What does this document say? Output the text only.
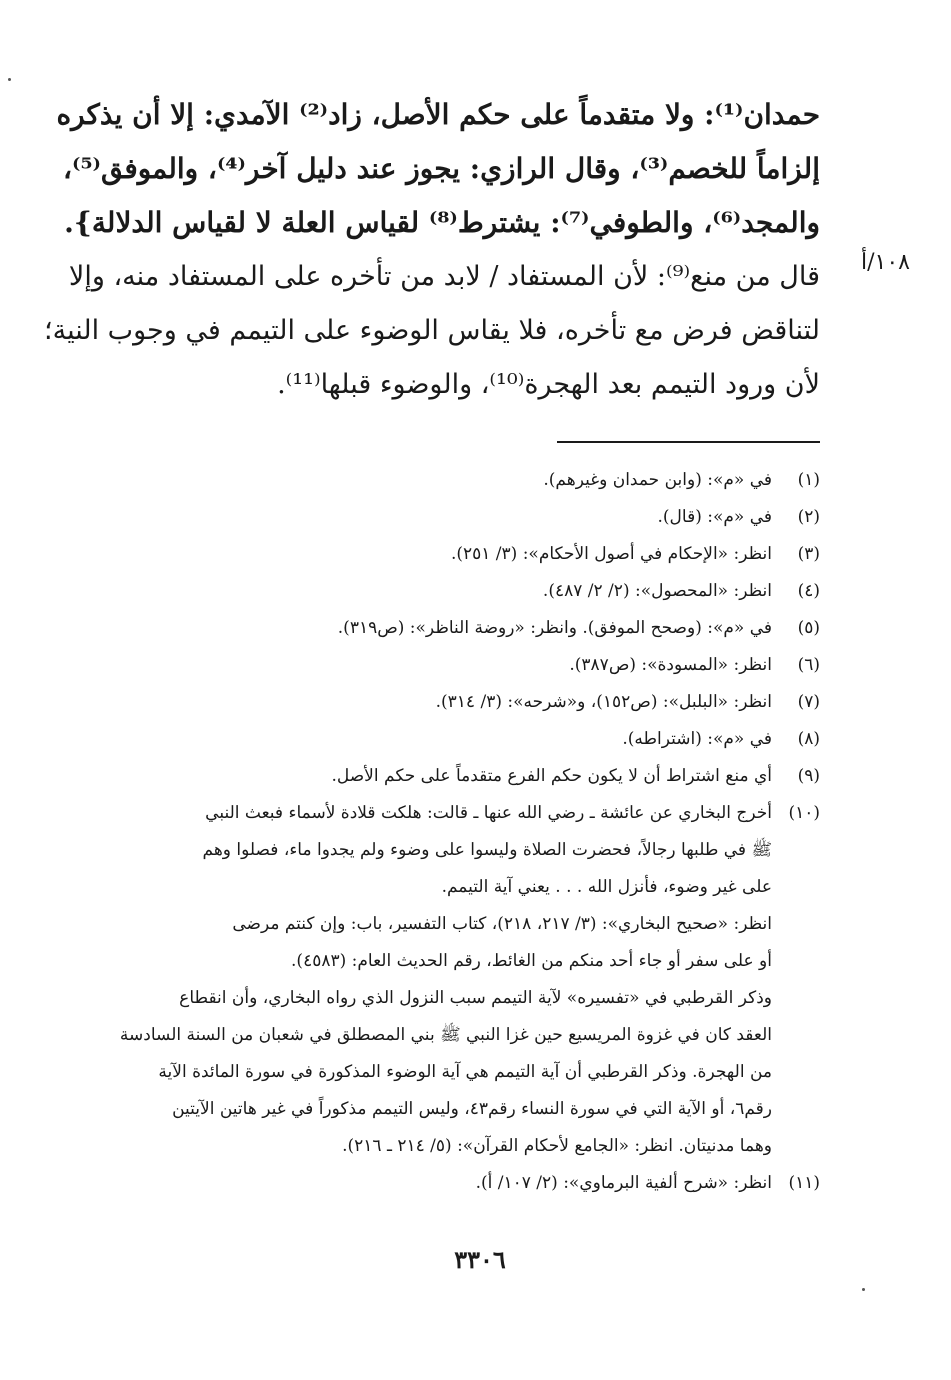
١٠٨/أ
حمدان⁽¹⁾: ولا متقدماً على حكم الأصل، زاد⁽²⁾ الآمدي: إلا أن يذكره
إلزاماً للخصم⁽³⁾، وقال الرازي: يجوز عند دليل آخر⁽⁴⁾، والموفق⁽⁵⁾،
والمجد⁽⁶⁾، والطوفي⁽⁷⁾: يشترط⁽⁸⁾ لقياس العلة لا لقياس الدلالة}.
قال من منع⁽⁹⁾: لأن المستفاد / لابد من تأخره على المستفاد منه، وإلا
لتناقض فرض مع تأخره، فلا يقاس الوضوء على التيمم في وجوب النية؛
لأن ورود التيمم بعد الهجرة⁽¹⁰⁾، والوضوء قبلها⁽¹¹⁾.
(١)
في «م»: (وابن حمدان وغيرهم).
(٢)
في «م»: (قال).
(٣)
انظر: «الإحكام في أصول الأحكام»: (٣/ ٢٥١).
(٤)
انظر: «المحصول»: (٢/ ٢/ ٤٨٧).
(٥)
في «م»: (وصحح الموفق). وانظر: «روضة الناظر»: (ص٣١٩).
(٦)
انظر: «المسودة»: (ص٣٨٧).
(٧)
انظر: «البلبل»: (ص١٥٢)، و«شرحه»: (٣/ ٣١٤).
(٨)
في «م»: (اشتراطه).
(٩)
أي منع اشتراط أن لا يكون حكم الفرع متقدماً على حكم الأصل.
(١٠)
أخرج البخاري عن عائشة ـ رضي الله عنها ـ قالت: هلكت قلادة لأسماء فبعث النبي
ﷺ في طلبها رجالاً، فحضرت الصلاة وليسوا على وضوء ولم يجدوا ماء، فصلوا وهم
على غير وضوء، فأنزل الله . . . يعني آية التيمم.
انظر: «صحيح البخاري»: (٣/ ٢١٧، ٢١٨)، كتاب التفسير، باب: وإن كنتم مرضى
أو على سفر أو جاء أحد منكم من الغائط، رقم الحديث العام: (٤٥٨٣).
وذكر القرطبي في «تفسيره» لآية التيمم سبب النزول الذي رواه البخاري، وأن انقطاع
العقد كان في غزوة المريسيع حين غزا النبي ﷺ بني المصطلق في شعبان من السنة السادسة
من الهجرة. وذكر القرطبي أن آية التيمم هي آية الوضوء المذكورة في سورة المائدة الآية
رقم٦، أو الآية التي في سورة النساء رقم٤٣، وليس التيمم مذكوراً في غير هاتين الآيتين
وهما مدنيتان. انظر: «الجامع لأحكام القرآن»: (٥/ ٢١٤ ـ ٢١٦).
(١١)
انظر: «شرح ألفية البرماوي»: (٢/ ١٠٧/ أ).
٣٣٠٦
